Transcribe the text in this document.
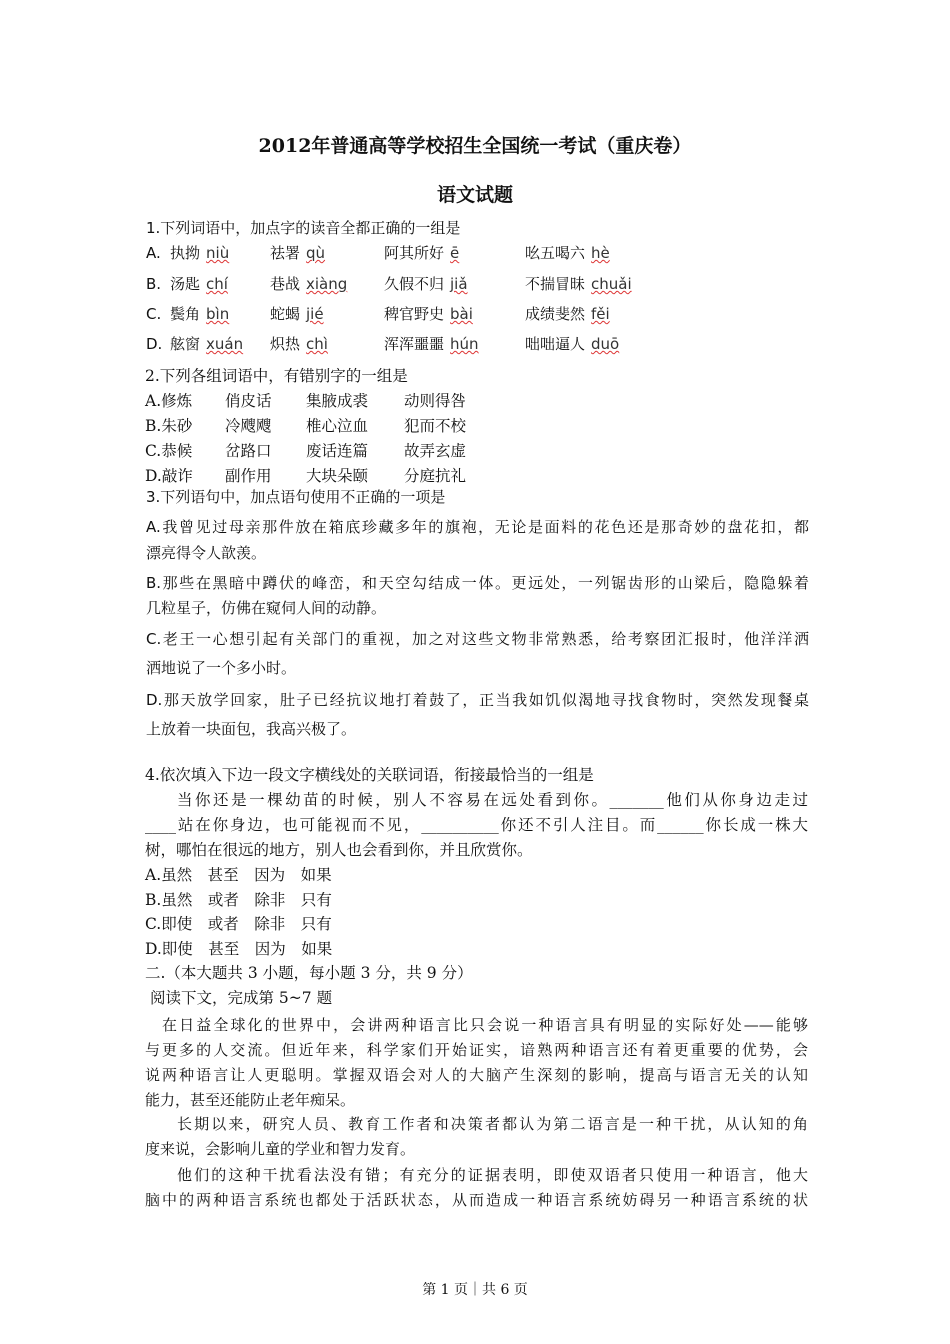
2012年普通高等学校招生全国统一考试（重庆卷）
语文试题
1.下列词语中，加点字的读音全都正确的一组是
A. 执拗 niù	祛署 qù	阿其所好 ē	吆五喝六 hè
B. 汤匙 chí	巷战 xiàng 久假不归 jiǎ	不揣冒昧 chuǎi
C. 鬓角 bìn	蛇蝎 jié	稗官野史 bài	成绩斐然 fěi
D. 舷窗 xuán 炽热 chì	浑浑噩噩 hún	咄咄逼人 duō
2.下列各组词语中，有错别字的一组是
A.修炼 俏皮话 集腋成裘 动则得咎
B.朱砂 冷飕飕 椎心泣血 犯而不校
C.恭候 岔路口 废话连篇 故弄玄虚
D.敲诈 副作用 大块朵颐 分庭抗礼
3.下列语句中，加点语句使用不正确的一项是
A.我曾见过母亲那件放在箱底珍藏多年的旗袍，无论是面料的花色还是那奇妙的盘花扣，都
漂亮得令人歆羡。
B.那些在黑暗中蹲伏的峰峦，和天空勾结成一体。更远处，一列锯齿形的山梁后，隐隐躲着
几粒星子，仿佛在窥伺人间的动静。
C.老王一心想引起有关部门的重视，加之对这些文物非常熟悉，给考察团汇报时，他洋洋洒
洒地说了一个多小时。
D.那天放学回家，肚子已经抗议地打着鼓了，正当我如饥似渴地寻找食物时，突然发现餐桌
上放着一块面包，我高兴极了。
4.依次填入下边一段文字横线处的关联词语，衔接最恰当的一组是
当你还是一棵幼苗的时候，别人不容易在远处看到你。_______他们从你身边走过
____站在你身边，也可能视而不见，__________你还不引人注目。而______你长成一株大
树，哪怕在很远的地方，别人也会看到你，并且欣赏你。
A.虽然　甚至　因为　如果
B.虽然　或者　除非　只有
C.即使　或者　除非　只有
D.即使　甚至　因为　如果
二.（本大题共 3 小题，每小题 3 分，共 9 分）
阅读下文，完成第 5~7 题
在日益全球化的世界中，会讲两种语言比只会说一种语言具有明显的实际好处——能够
与更多的人交流。但近年来，科学家们开始证实，谙熟两种语言还有着更重要的优势，会
说两种语言让人更聪明。掌握双语会对人的大脑产生深刻的影响，提高与语言无关的认知
能力，甚至还能防止老年痴呆。
长期以来，研究人员、教育工作者和决策者都认为第二语言是一种干扰，从认知的角
度来说，会影响儿童的学业和智力发育。
他们的这种干扰看法没有错；有充分的证据表明，即使双语者只使用一种语言，他大
脑中的两种语言系统也都处于活跃状态，从而造成一种语言系统妨碍另一种语言系统的状
第 1 页｜共 6 页
